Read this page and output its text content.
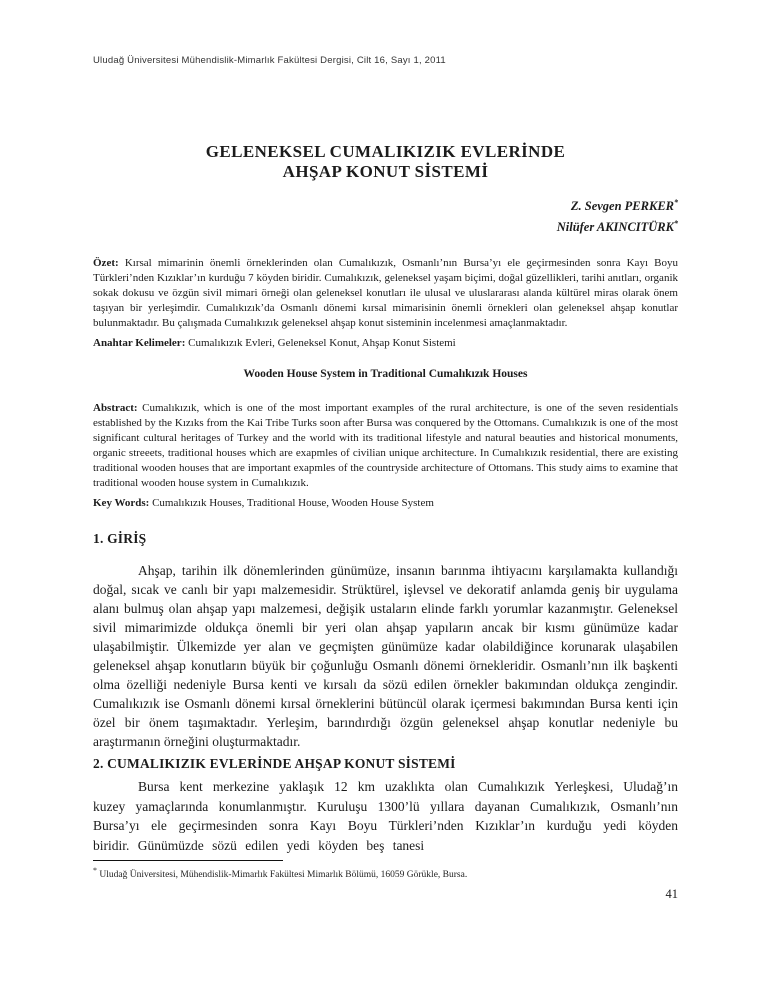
Uludağ Üniversitesi Mühendislik-Mimarlık Fakültesi Dergisi, Cilt 16, Sayı 1, 2011
GELENEKSEL CUMALIKIZIK EVLERİNDE
AHŞAP KONUT SİSTEMİ
Z. Sevgen PERKER*
Nilüfer AKINCITÜRK*

Özet: Kırsal mimarinin önemli örneklerinden olan Cumalıkızık, Osmanlı’nın Bursa’yı ele geçirmesinden sonra Kayı Boyu Türkleri’nden Kızıklar’ın kurduğu 7 köyden biridir. Cumalıkızık, geleneksel yaşam biçimi, doğal güzellikleri, tarihi anıtları, organik sokak dokusu ve özgün sivil mimari örneği olan geleneksel konutları ile ulusal ve uluslararası alanda kültürel miras olarak önem taşıyan bir yerleşimdir. Cumalıkızık’da Osmanlı dönemi kırsal mimarisinin önemli örnekleri olan geleneksel ahşap konutlar bulunmaktadır. Bu çalışmada Cumalıkızık geleneksel ahşap konut sisteminin incelenmesi amaçlanmaktadır.

Anahtar Kelimeler: Cumalıkızık Evleri, Geleneksel Konut, Ahşap Konut Sistemi

Wooden House System in Traditional Cumalıkızık Houses

Abstract: Cumalıkızık, which is one of the most important examples of the rural architecture, is one of the seven residentials established by the Kızıks from the Kai Tribe Turks soon after Bursa was conquered by the Ottomans. Cumalıkızık is one of the most significant cultural heritages of Turkey and the world with its traditional lifestyle and natural beauties and historical monuments, organic streeets, traditional houses which are exapmles of civilian unique architecture. In Cumalıkızık residential, there are existing traditional wooden houses that are important exapmles of the countryside architecture of Ottomans. This study aims to examine that traditional wooden house system in Cumalıkızık.

Key Words: Cumalıkızık Houses, Traditional House, Wooden House System

1. GİRİŞ

Ahşap, tarihin ilk dönemlerinden günümüze, insanın barınma ihtiyacını karşılamakta kullandığı doğal, sıcak ve canlı bir yapı malzemesidir. Strüktürel, işlevsel ve dekoratif anlamda geniş bir uygulama alanı bulmuş olan ahşap yapı malzemesi, değişik ustaların elinde farklı yorumlar kazanmıştır. Geleneksel sivil mimarimizde oldukça önemli bir yeri olan ahşap yapıların ancak bir kısmı günümüze kadar ulaşabilmiştir. Ülkemizde yer alan ve geçmişten günümüze kadar olabildiğince korunarak ulaşabilen geleneksel ahşap konutların büyük bir çoğunluğu Osmanlı dönemi örnekleridir. Osmanlı’nın ilk başkenti olma özelliği nedeniyle Bursa kenti ve kırsalı da sözü edilen örnekler bakımından oldukça zengindir. Cumalıkızık ise Osmanlı dönemi kırsal örneklerini bütüncül olarak içermesi bakımından Bursa kenti için özel bir önem taşımaktadır. Yerleşim, barındırdığı özgün geleneksel ahşap konutlar nedeniyle bu araştırmanın örneğini oluşturmaktadır.

2. CUMALIKIZIK EVLERİNDE AHŞAP KONUT SİSTEMİ

Bursa kent merkezine yaklaşık 12 km uzaklıkta olan Cumalıkızık Yerleşkesi, Uludağ’ın kuzey yamaçlarında konumlanmıştır. Kuruluşu 1300’lü yıllara dayanan Cumalıkızık, Osmanlı’nın Bursa’yı ele geçirmesinden sonra Kayı Boyu Türkleri’nden Kızıklar’ın kurduğu yedi köyden biridir. Günümüzde sözü edilen yedi köyden beş tanesi

* Uludağ Üniversitesi, Mühendislik-Mimarlık Fakültesi Mimarlık Bölümü, 16059 Görükle, Bursa.
41
